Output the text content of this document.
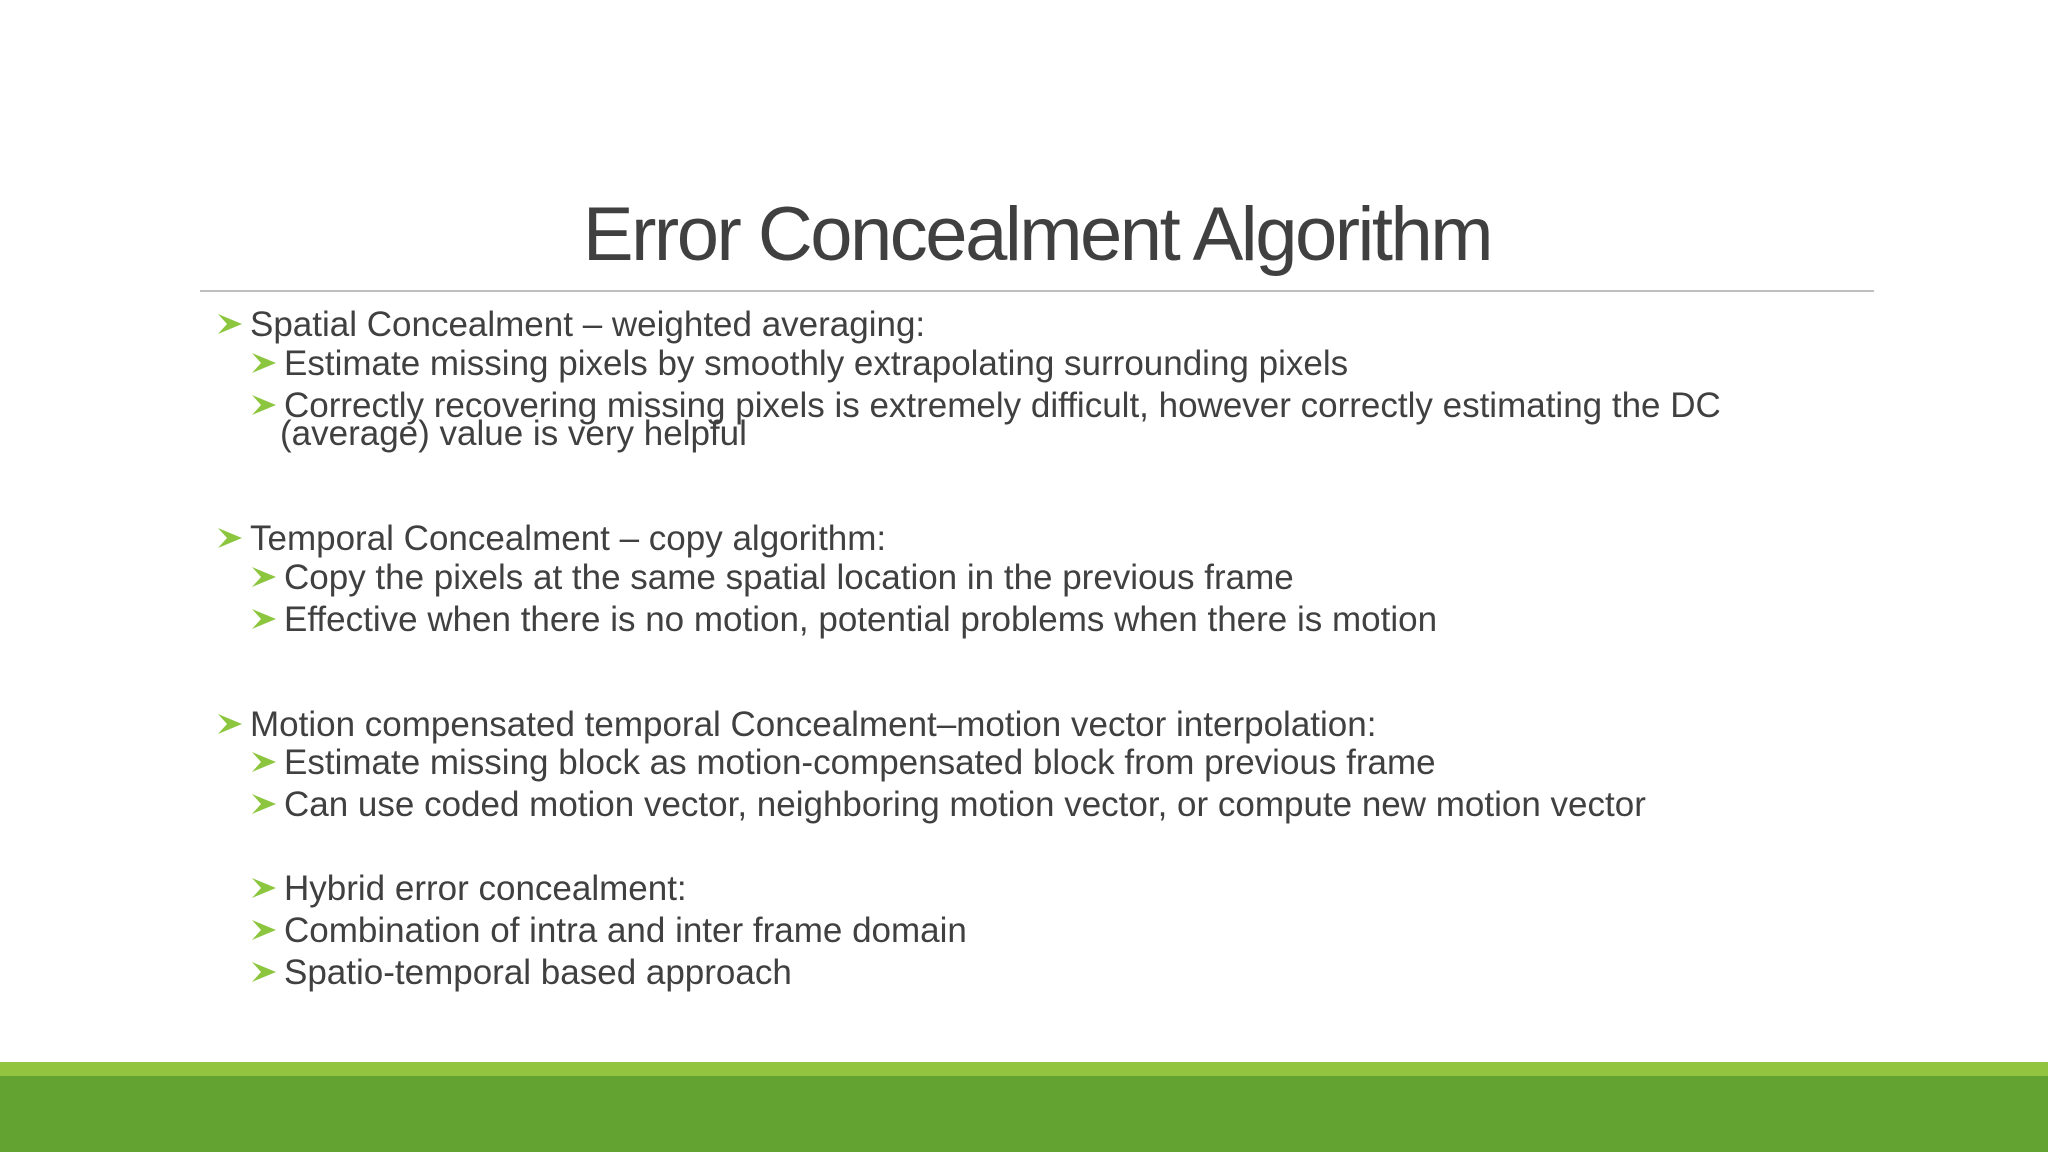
Error Concealment Algorithm
Spatial Concealment – weighted averaging:
Estimate missing pixels by smoothly extrapolating surrounding pixels
Correctly recovering missing pixels is extremely difficult, however correctly estimating the DC
(average) value is very helpful
Temporal Concealment – copy algorithm:
Copy the pixels at the same spatial location in the previous frame
Effective when there is no motion, potential problems when there is motion
Motion compensated temporal Concealment–motion vector interpolation:
Estimate missing block as motion-compensated block from previous frame
Can use coded motion vector, neighboring motion vector, or compute new motion vector
Hybrid error concealment:
Combination of intra and inter frame domain
Spatio-temporal based approach
